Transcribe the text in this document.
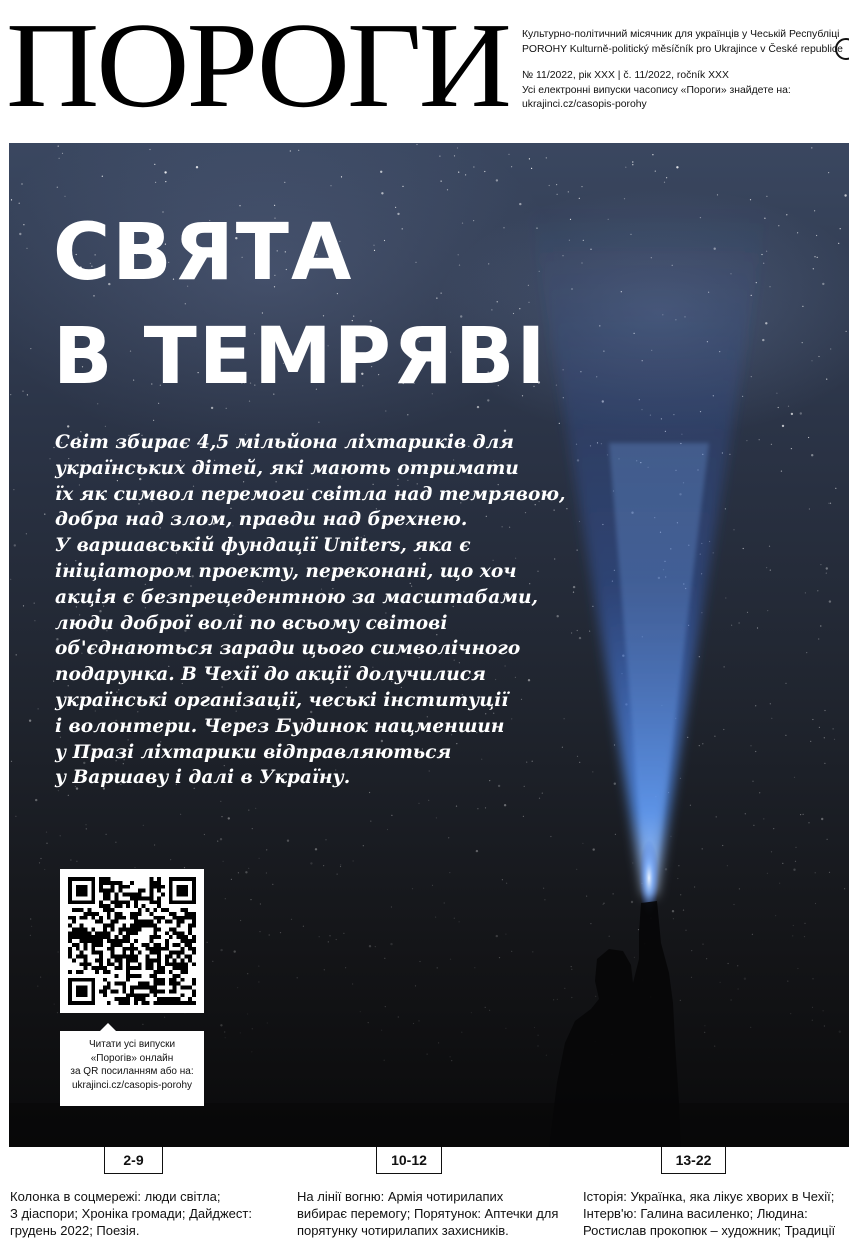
ПОРОГИ Культурно-політичний місячник для українців у Чеській Республіці
POROHY Kulturně-politický měsíčník pro Ukrajince v České republice
№ 11/2022, рік XXX | č. 11/2022, ročník XXX
Усі електронні випуски часопису «Пороги» знайдете на:
ukrajinci.cz/casopis-porohy
СВЯТА
В ТЕМРЯВІ
Світ збирає 4,5 мільйона ліхтариків для
українських дітей, які мають отримати
їх як символ перемоги світла над темрявою,
добра над злом, правди над брехнею.
У варшавській фундації Uniters, яка є
ініціатором проекту, переконані, що хоч
акція є безпрецедентною за масштабами,
люди доброї волі по всьому світові
об'єднаються заради цього символічного
подарунка. В Чехії до акції долучилися
українські організації, чеські інституції
і волонтери. Через Будинок нацменшин
у Празі ліхтарики відправляються
у Варшаву і далі в Україну.
Читати усі випуски
«Порогів» онлайн
за QR посиланням або на:
ukrajinci.cz/casopis-porohy
2-9	10-12	13-22
Колонка в соцмережі: люди світла;
З діаспори; Хроніка громади; Дайджест:
грудень 2022; Поезія.
На лінії вогню: Армія чотирилапих
вибирає перемогу; Порятунок: Аптечки для
порятунку чотирилапих захисників.
Історія: Українка, яка лікує хворих в Чехії;
Інтерв'ю: Галина василенко; Людина:
Ростислав прокопюк – художник; Традиції
